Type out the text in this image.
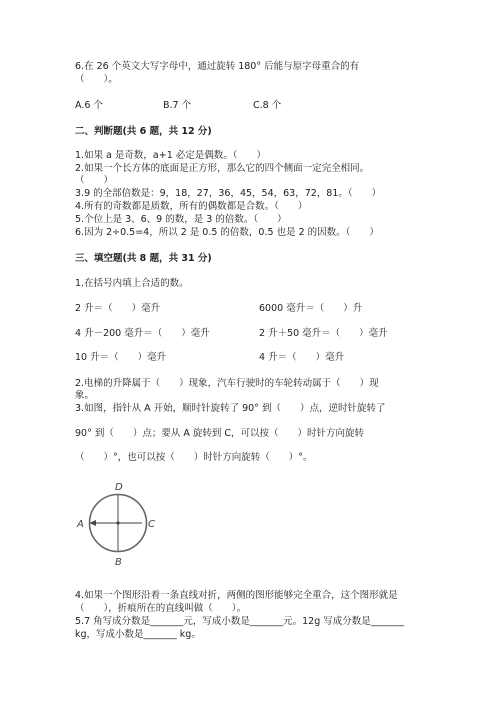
6.在 26 个英文大写字母中，通过旋转 180° 后能与原字母重合的有
（　　）。
A.6 个	B.7 个	C.8 个
二、判断题(共 6 题，共 12 分)
1.如果 a 是奇数，a+1 必定是偶数。（　　）
2.如果一个长方体的底面是正方形，那么它的四个侧面一定完全相同。
（　　）
3.9 的全部倍数是：9，18，27，36，45，54，63，72，81。（　　）
4.所有的奇数都是质数，所有的偶数都是合数。（　　）
5.个位上是 3、6、9 的数，是 3 的倍数。（　　）
6.因为 2÷0.5=4，所以 2 是 0.5 的倍数，0.5 也是 2 的因数。（　　）
三、填空题(共 8 题，共 31 分)
1.在括号内填上合适的数。
2 升＝（　　）毫升	6000 毫升＝（　　）升
4 升－200 毫升＝（　　）毫升	2 升＋50 毫升＝（　　）毫升
10 升＝（　　）毫升	4 升＝（　　）毫升
2.电梯的升降属于（　　）现象，汽车行驶时的车轮转动属于（　　）现
象。
3.如图，指针从 A 开始，顺时针旋转了 90° 到（　　）点，逆时针旋转了
90° 到（　　）点；要从 A 旋转到 C，可以按（　　）时针方向旋转
（　　）°，也可以按（　　）时针方向旋转（　　）°。
D
A	C
B
4.如果一个图形沿着一条直线对折，两侧的图形能够完全重合，这个图形就是
（　　），折痕所在的直线叫做（　　）。
5.7 角写成分数是_______元，写成小数是_______元。12g 写成分数是_______
kg，写成小数是_______ kg。
